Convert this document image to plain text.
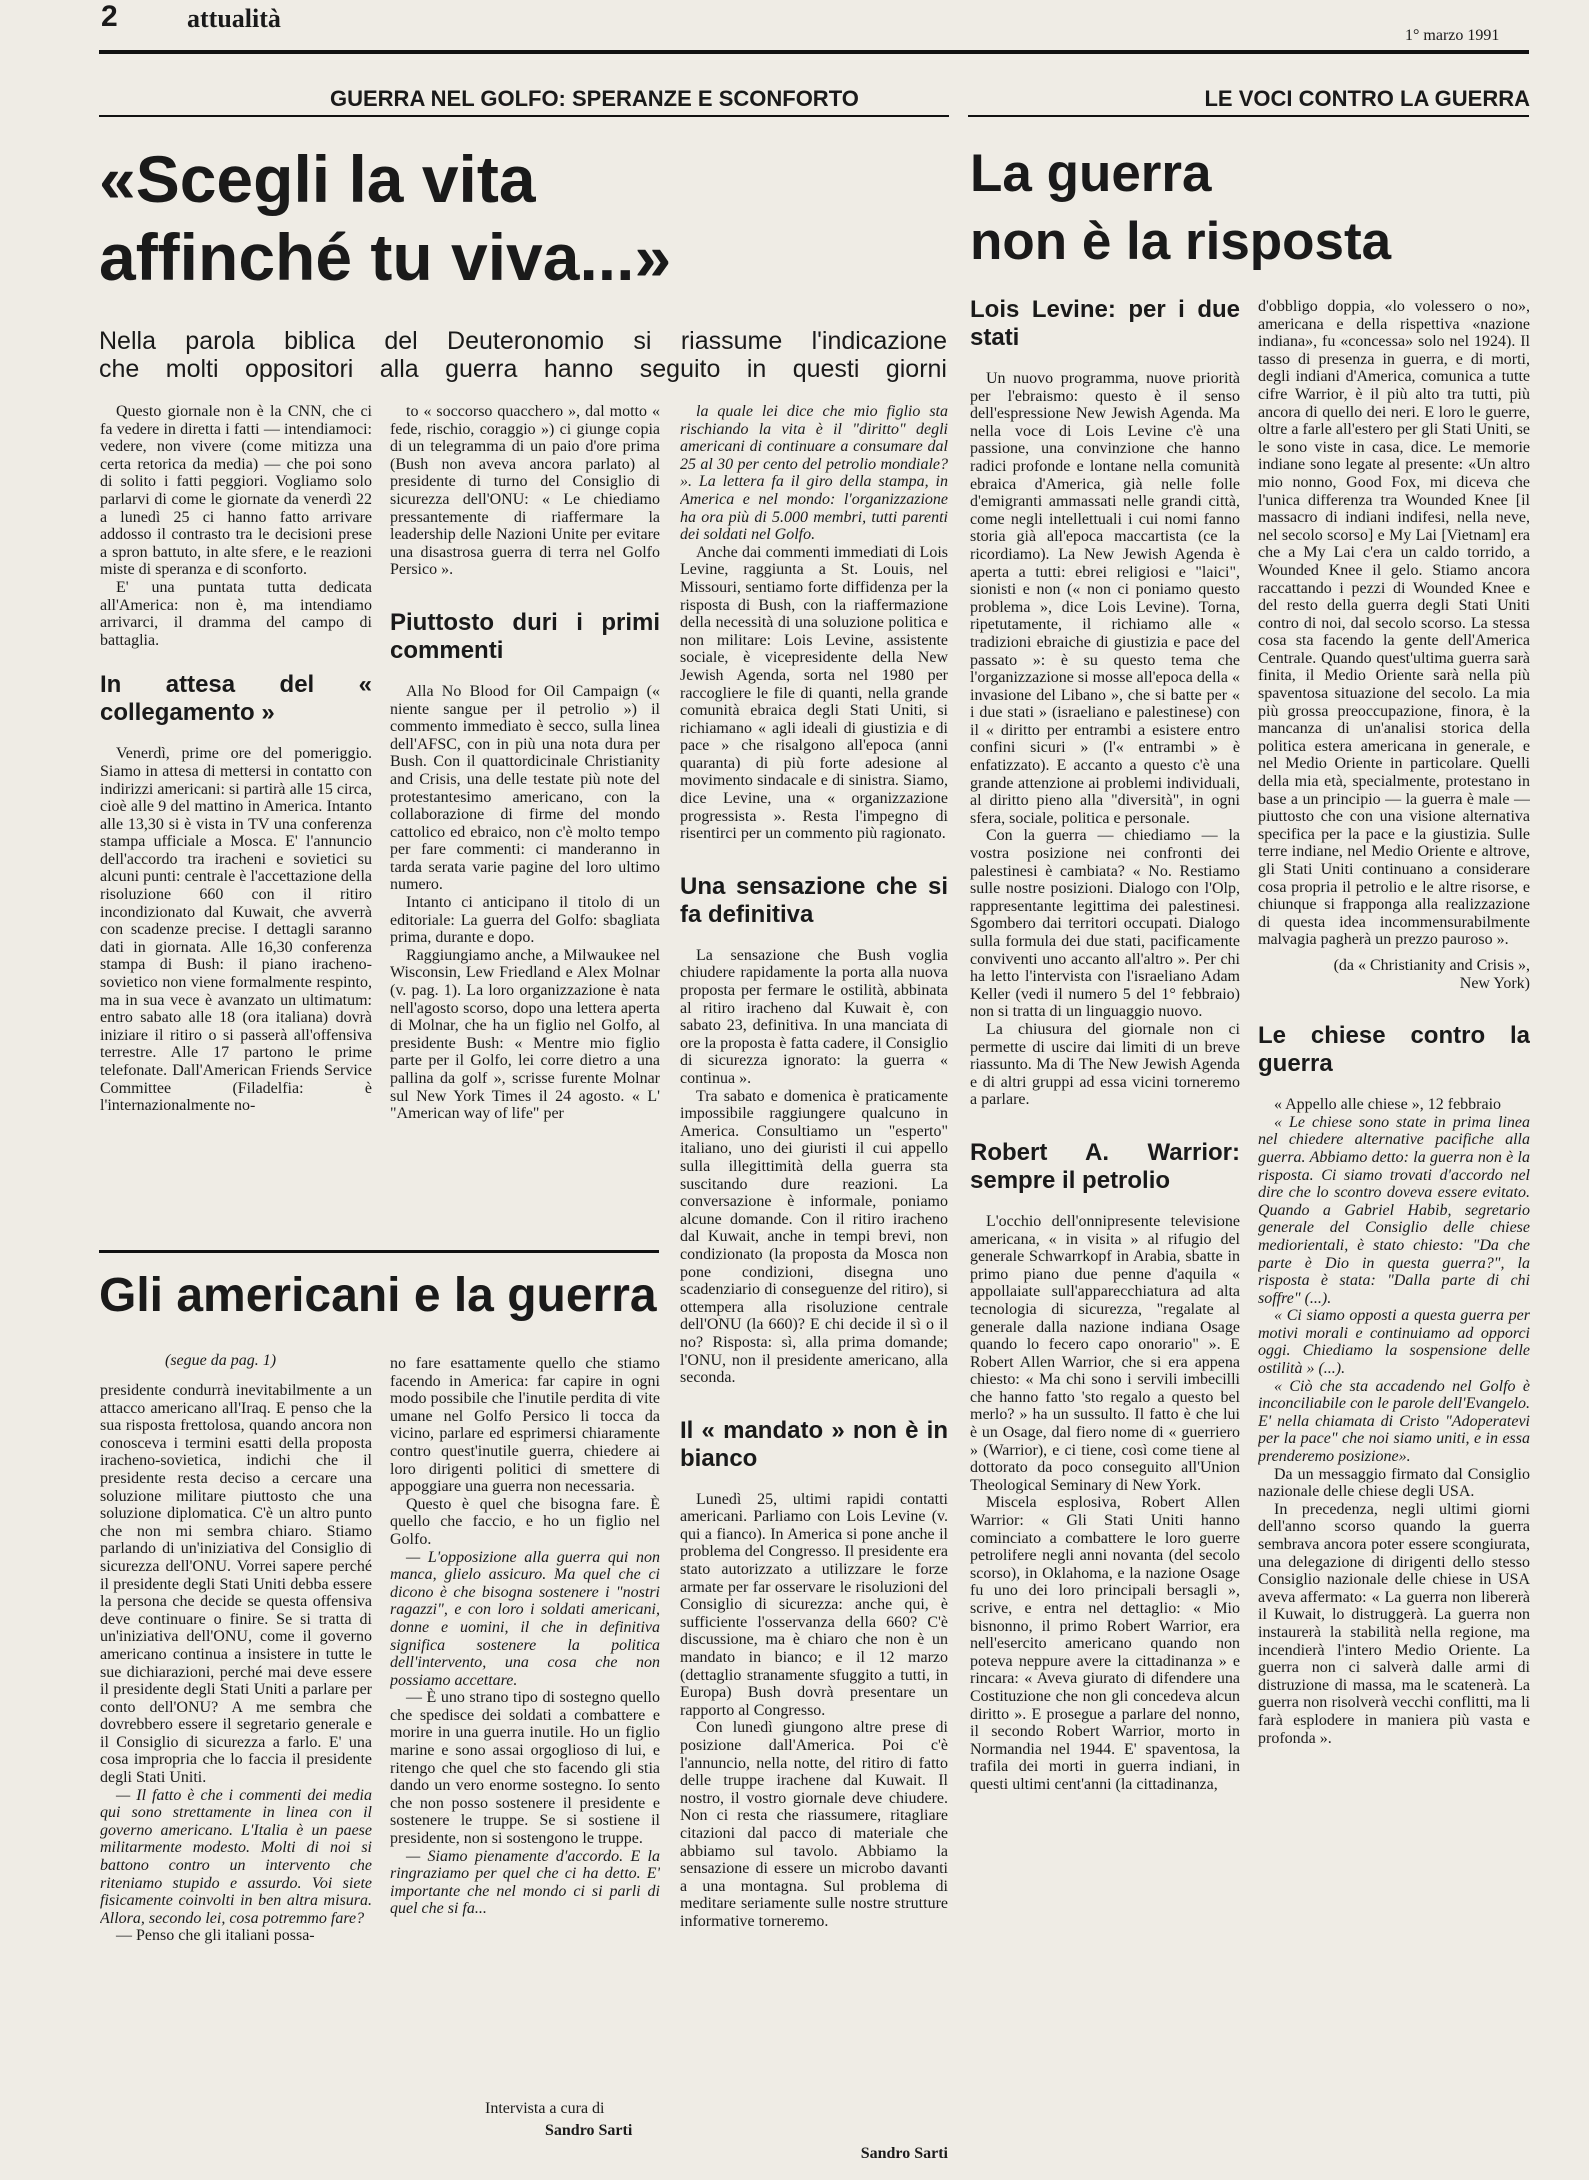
2	attualità
1° marzo 1991
GUERRA NEL GOLFO: SPERANZE E SCONFORTO	LE VOCI CONTRO LA GUERRA
«Scegli la vita
affinché tu viva...»
Nella parola biblica del Deuteronomio si riassume l'indicazione
che molti oppositori alla guerra hanno seguito in questi giorni

Questo giornale non è la CNN, che ci fa vedere in diretta i fatti — intendiamoci: vedere, non vivere (come mitizza una certa retorica da media) — che poi sono di solito i fatti peggiori. Vogliamo solo parlarvi di come le giornate da venerdì 22 a lunedì 25 ci hanno fatto arrivare addosso il contrasto tra le decisioni prese a spron battuto, in alte sfere, e le reazioni miste di speranza e di sconforto.

E' una puntata tutta dedicata all'America: non è, ma intendiamo arrivarci, il dramma del campo di battaglia.

In attesa del « collegamento »

Venerdì, prime ore del pomeriggio. Siamo in attesa di mettersi in contatto con indirizzi americani: si partirà alle 15 circa, cioè alle 9 del mattino in America. Intanto alle 13,30 si è vista in TV una conferenza stampa ufficiale a Mosca. E' l'annuncio dell'accordo tra iracheni e sovietici su alcuni punti: centrale è l'accettazione della risoluzione 660 con il ritiro incondizionato dal Kuwait, che avverrà con scadenze precise. I dettagli saranno dati in giornata. Alle 16,30 conferenza stampa di Bush: il piano iracheno-sovietico non viene formalmente respinto, ma in sua vece è avanzato un ultimatum: entro sabato alle 18 (ora italiana) dovrà iniziare il ritiro o si passerà all'offensiva terrestre. Alle 17 partono le prime telefonate. Dall'American Friends Service Committee (Filadelfia: è l'internazionalmente no-

to « soccorso quacchero », dal motto « fede, rischio, coraggio ») ci giunge copia di un telegramma di un paio d'ore prima (Bush non aveva ancora parlato) al presidente di turno del Consiglio di sicurezza dell'ONU: « Le chiediamo pressantemente di riaffermare la leadership delle Nazioni Unite per evitare una disastrosa guerra di terra nel Golfo Persico ».

Piuttosto duri i primi commenti

Alla No Blood for Oil Campaign (« niente sangue per il petrolio ») il commento immediato è secco, sulla linea dell'AFSC, con in più una nota dura per Bush. Con il quattordicinale Christianity and Crisis, una delle testate più note del protestantesimo americano, con la collaborazione di firme del mondo cattolico ed ebraico, non c'è molto tempo per fare commenti: ci manderanno in tarda serata varie pagine del loro ultimo numero.

Intanto ci anticipano il titolo di un editoriale: La guerra del Golfo: sbagliata prima, durante e dopo.

Raggiungiamo anche, a Milwaukee nel Wisconsin, Lew Friedland e Alex Molnar (v. pag. 1). La loro organizzazione è nata nell'agosto scorso, dopo una lettera aperta di Molnar, che ha un figlio nel Golfo, al presidente Bush: « Mentre mio figlio parte per il Golfo, lei corre dietro a una pallina da golf », scrisse furente Molnar sul New York Times il 24 agosto. « L' "American way of life" per

la quale lei dice che mio figlio sta rischiando la vita è il "diritto" degli americani di continuare a consumare dal 25 al 30 per cento del petrolio mondiale? ». La lettera fa il giro della stampa, in America e nel mondo: l'organizzazione ha ora più di 5.000 membri, tutti parenti dei soldati nel Golfo.

Anche dai commenti immediati di Lois Levine, raggiunta a St. Louis, nel Missouri, sentiamo forte diffidenza per la risposta di Bush, con la riaffermazione della necessità di una soluzione politica e non militare: Lois Levine, assistente sociale, è vicepresidente della New Jewish Agenda, sorta nel 1980 per raccogliere le file di quanti, nella grande comunità ebraica degli Stati Uniti, si richiamano « agli ideali di giustizia e di pace » che risalgono all'epoca (anni quaranta) di più forte adesione al movimento sindacale e di sinistra. Siamo, dice Levine, una « organizzazione progressista ». Resta l'impegno di risentirci per un commento più ragionato.

Una sensazione che si fa definitiva

La sensazione che Bush voglia chiudere rapidamente la porta alla nuova proposta per fermare le ostilità, abbinata al ritiro iracheno dal Kuwait è, con sabato 23, definitiva. In una manciata di ore la proposta è fatta cadere, il Consiglio di sicurezza ignorato: la guerra « continua ».

Tra sabato e domenica è praticamente impossibile raggiungere qualcuno in America. Consultiamo un "esperto" italiano, uno dei giuristi il cui appello sulla illegittimità della guerra sta suscitando dure reazioni. La conversazione è informale, poniamo alcune domande. Con il ritiro iracheno dal Kuwait, anche in tempi brevi, non condizionato (la proposta da Mosca non pone condizioni, disegna uno scadenziario di conseguenze del ritiro), si ottempera alla risoluzione centrale dell'ONU (la 660)? E chi decide il sì o il no? Risposta: sì, alla prima domande; l'ONU, non il presidente americano, alla seconda.

Il « mandato » non è in bianco

Lunedì 25, ultimi rapidi contatti americani. Parliamo con Lois Levine (v. qui a fianco). In America si pone anche il problema del Congresso. Il presidente era stato autorizzato a utilizzare le forze armate per far osservare le risoluzioni del Consiglio di sicurezza: anche qui, è sufficiente l'osservanza della 660? C'è discussione, ma è chiaro che non è un mandato in bianco; e il 12 marzo (dettaglio stranamente sfuggito a tutti, in Europa) Bush dovrà presentare un rapporto al Congresso.

Con lunedì giungono altre prese di posizione dall'America. Poi c'è l'annuncio, nella notte, del ritiro di fatto delle truppe irachene dal Kuwait. Il nostro, il vostro giornale deve chiudere. Non ci resta che riassumere, ritagliare citazioni dal pacco di materiale che abbiamo sul tavolo. Abbiamo la sensazione di essere un microbo davanti a una montagna. Sul problema di meditare seriamente sulle nostre strutture informative torneremo.

Sandro Sarti
Gli americani e la guerra
(segue da pag. 1)

presidente condurrà inevitabilmente a un attacco americano all'Iraq. E penso che la sua risposta frettolosa, quando ancora non conosceva i termini esatti della proposta iracheno-sovietica, indichi che il presidente resta deciso a cercare una soluzione militare piuttosto che una soluzione diplomatica. C'è un altro punto che non mi sembra chiaro. Stiamo parlando di un'iniziativa del Consiglio di sicurezza dell'ONU. Vorrei sapere perché il presidente degli Stati Uniti debba essere la persona che decide se questa offensiva deve continuare o finire. Se si tratta di un'iniziativa dell'ONU, come il governo americano continua a insistere in tutte le sue dichiarazioni, perché mai deve essere il presidente degli Stati Uniti a parlare per conto dell'ONU? A me sembra che dovrebbero essere il segretario generale e il Consiglio di sicurezza a farlo. E' una cosa impropria che lo faccia il presidente degli Stati Uniti.

— Il fatto è che i commenti dei media qui sono strettamente in linea con il governo americano. L'Italia è un paese militarmente modesto. Molti di noi si battono contro un intervento che riteniamo stupido e assurdo. Voi siete fisicamente coinvolti in ben altra misura. Allora, secondo lei, cosa potremmo fare?

— Penso che gli italiani possa-

no fare esattamente quello che stiamo facendo in America: far capire in ogni modo possibile che l'inutile perdita di vite umane nel Golfo Persico li tocca da vicino, parlare ed esprimersi chiaramente contro quest'inutile guerra, chiedere ai loro dirigenti politici di smettere di appoggiare una guerra non necessaria.

Questo è quel che bisogna fare. È quello che faccio, e ho un figlio nel Golfo.

— L'opposizione alla guerra qui non manca, glielo assicuro. Ma quel che ci dicono è che bisogna sostenere i "nostri ragazzi", e con loro i soldati americani, donne e uomini, il che in definitiva significa sostenere la politica dell'intervento, una cosa che non possiamo accettare.

— È uno strano tipo di sostegno quello che spedisce dei soldati a combattere e morire in una guerra inutile. Ho un figlio marine e sono assai orgoglioso di lui, e ritengo che quel che sto facendo gli stia dando un vero enorme sostegno. Io sento che non posso sostenere il presidente e sostenere le truppe. Se si sostiene il presidente, non si sostengono le truppe.

— Siamo pienamente d'accordo. E la ringraziamo per quel che ci ha detto. E' importante che nel mondo ci si parli di quel che si fa...

Intervista a cura di
Sandro Sarti
La guerra
non è la risposta
Lois Levine: per i due stati

Un nuovo programma, nuove priorità per l'ebraismo: questo è il senso dell'espressione New Jewish Agenda. Ma nella voce di Lois Levine c'è una passione, una convinzione che hanno radici profonde e lontane nella comunità ebraica d'America, già nelle folle d'emigranti ammassati nelle grandi città, come negli intellettuali i cui nomi fanno storia già all'epoca maccartista (ce la ricordiamo). La New Jewish Agenda è aperta a tutti: ebrei religiosi e "laici", sionisti e non (« non ci poniamo questo problema », dice Lois Levine). Torna, ripetutamente, il richiamo alle « tradizioni ebraiche di giustizia e pace del passato »: è su questo tema che l'organizzazione si mosse all'epoca della « invasione del Libano », che si batte per « i due stati » (israeliano e palestinese) con il « diritto per entrambi a esistere entro confini sicuri » (l'« entrambi » è enfatizzato). E accanto a questo c'è una grande attenzione ai problemi individuali, al diritto pieno alla "diversità", in ogni sfera, sociale, politica e personale.

Con la guerra — chiediamo — la vostra posizione nei confronti dei palestinesi è cambiata? « No. Restiamo sulle nostre posizioni. Dialogo con l'Olp, rappresentante legittima dei palestinesi. Sgombero dai territori occupati. Dialogo sulla formula dei due stati, pacificamente conviventi uno accanto all'altro ». Per chi ha letto l'intervista con l'israeliano Adam Keller (vedi il numero 5 del 1° febbraio) non si tratta di un linguaggio nuovo.

La chiusura del giornale non ci permette di uscire dai limiti di un breve riassunto. Ma di The New Jewish Agenda e di altri gruppi ad essa vicini torneremo a parlare.

Robert A. Warrior: sempre il petrolio

L'occhio dell'onnipresente televisione americana, « in visita » al rifugio del generale Schwarrkopf in Arabia, sbatte in primo piano due penne d'aquila « appollaiate sull'apparecchiatura ad alta tecnologia di sicurezza, "regalate al generale dalla nazione indiana Osage quando lo fecero capo onorario" ». E Robert Allen Warrior, che si era appena chiesto: « Ma chi sono i servili imbecilli che hanno fatto 'sto regalo a questo bel merlo? » ha un sussulto. Il fatto è che lui è un Osage, dal fiero nome di « guerriero » (Warrior), e ci tiene, così come tiene al dottorato da poco conseguito all'Union Theological Seminary di New York.

Miscela esplosiva, Robert Allen Warrior: « Gli Stati Uniti hanno cominciato a combattere le loro guerre petrolifere negli anni novanta (del secolo scorso), in Oklahoma, e la nazione Osage fu uno dei loro principali bersagli », scrive, e entra nel dettaglio: « Mio bisnonno, il primo Robert Warrior, era nell'esercito americano quando non poteva neppure avere la cittadinanza » e rincara: « Aveva giurato di difendere una Costituzione che non gli concedeva alcun diritto ». E prosegue a parlare del nonno, il secondo Robert Warrior, morto in Normandia nel 1944. E' spaventosa, la trafila dei morti in guerra indiani, in questi ultimi cent'anni (la cittadinanza,

d'obbligo doppia, «lo volessero o no», americana e della rispettiva «nazione indiana», fu «concessa» solo nel 1924). Il tasso di presenza in guerra, e di morti, degli indiani d'America, comunica a tutte cifre Warrior, è il più alto tra tutti, più ancora di quello dei neri. E loro le guerre, oltre a farle all'estero per gli Stati Uniti, se le sono viste in casa, dice. Le memorie indiane sono legate al presente: «Un altro mio nonno, Good Fox, mi diceva che l'unica differenza tra Wounded Knee [il massacro di indiani indifesi, nella neve, nel secolo scorso] e My Lai [Vietnam] era che a My Lai c'era un caldo torrido, a Wounded Knee il gelo. Stiamo ancora raccattando i pezzi di Wounded Knee e del resto della guerra degli Stati Uniti contro di noi, dal secolo scorso. La stessa cosa sta facendo la gente dell'America Centrale. Quando quest'ultima guerra sarà finita, il Medio Oriente sarà nella più spaventosa situazione del secolo. La mia più grossa preoccupazione, finora, è la mancanza di un'analisi storica della politica estera americana in generale, e nel Medio Oriente in particolare. Quelli della mia età, specialmente, protestano in base a un principio — la guerra è male — piuttosto che con una visione alternativa specifica per la pace e la giustizia. Sulle terre indiane, nel Medio Oriente e altrove, gli Stati Uniti continuano a considerare cosa propria il petrolio e le altre risorse, e chiunque si frapponga alla realizzazione di questa idea incommensurabilmente malvagia pagherà un prezzo pauroso ».

(da « Christianity and Crisis »,
New York)
Le chiese contro la guerra

« Appello alle chiese », 12 febbraio

« Le chiese sono state in prima linea nel chiedere alternative pacifiche alla guerra. Abbiamo detto: la guerra non è la risposta. Ci siamo trovati d'accordo nel dire che lo scontro doveva essere evitato. Quando a Gabriel Habib, segretario generale del Consiglio delle chiese mediorientali, è stato chiesto: "Da che parte è Dio in questa guerra?", la risposta è stata: "Dalla parte di chi soffre" (...).

« Ci siamo opposti a questa guerra per motivi morali e continuiamo ad opporci oggi. Chiediamo la sospensione delle ostilità » (...).

« Ciò che sta accadendo nel Golfo è inconciliabile con le parole dell'Evangelo. E' nella chiamata di Cristo "Adoperatevi per la pace" che noi siamo uniti, e in essa prenderemo posizione».

Da un messaggio firmato dal Consiglio nazionale delle chiese degli USA.

In precedenza, negli ultimi giorni dell'anno scorso quando la guerra sembrava ancora poter essere scongiurata, una delegazione di dirigenti dello stesso Consiglio nazionale delle chiese in USA aveva affermato: « La guerra non libererà il Kuwait, lo distruggerà. La guerra non instaurerà la stabilità nella regione, ma incendierà l'intero Medio Oriente. La guerra non ci salverà dalle armi di distruzione di massa, ma le scatenerà. La guerra non risolverà vecchi conflitti, ma li farà esplodere in maniera più vasta e profonda ».
